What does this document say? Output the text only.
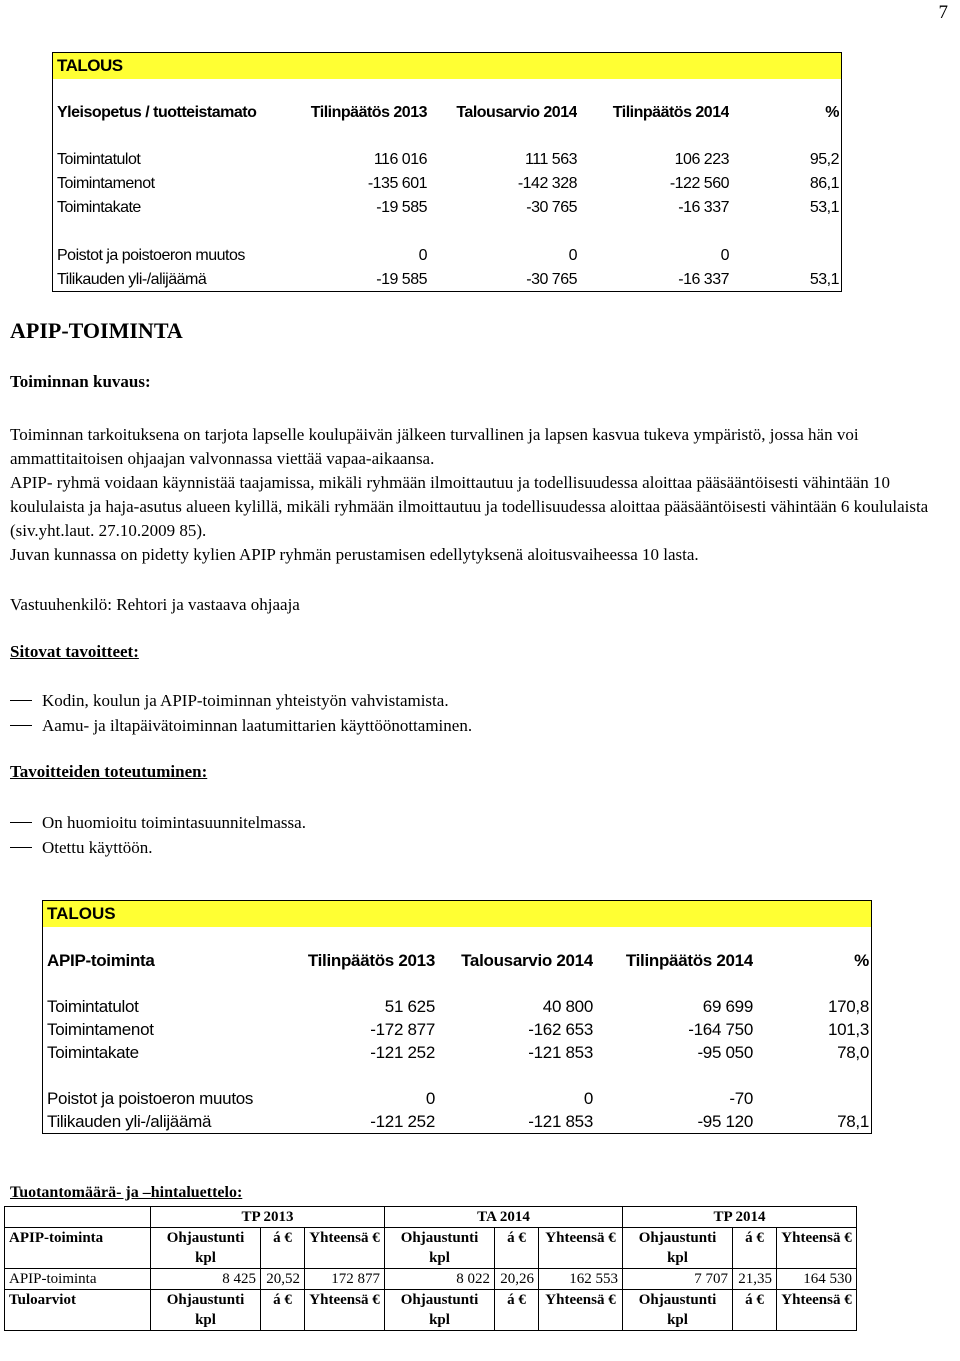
7
TALOUS
Yleisopetus / tuotteistamato	Tilinpäätös 2013	Talousarvio 2014	Tilinpäätös 2014	%
Toimintatulot	116 016	111 563	106 223	95,2
Toimintamenot	-135 601	-142 328	-122 560	86,1
Toimintakate	-19 585	-30 765	-16 337	53,1
Poistot ja poistoeron muutos	0	0	0	
Tilikauden yli-/alijäämä	-19 585	-30 765	-16 337	53,1
APIP-TOIMINTA
Toiminnan kuvaus:

Toiminnan tarkoituksena on tarjota lapselle koulupäivän jälkeen turvallinen ja lapsen kasvua tukeva ympäristö, jossa hän voi ammattitaitoisen ohjaajan valvonnassa viettää vapaa-aikaansa.

APIP- ryhmä voidaan käynnistää taajamissa, mikäli ryhmään ilmoittautuu ja todellisuudessa aloittaa pääsääntöisesti vähintään 10 koululaista ja haja-asutus alueen kylillä, mikäli ryhmään ilmoittautuu ja todellisuudessa aloittaa pääsääntöisesti vähintään 6 koululaista (siv.yht.laut. 27.10.2009 85).

Juvan kunnassa on pidetty kylien APIP ryhmän perustamisen edellytyksenä aloitusvaiheessa 10 lasta.

Vastuuhenkilö: Rehtori ja vastaava ohjaaja
Sitovat tavoitteet:
Kodin, koulun ja APIP-toiminnan yhteistyön vahvistamista.
Aamu- ja iltapäivätoiminnan laatumittarien käyttöönottaminen.
Tavoitteiden toteutuminen:
On huomioitu toimintasuunnitelmassa.
Otettu käyttöön.
TALOUS
APIP-toiminta	Tilinpäätös 2013	Talousarvio 2014	Tilinpäätös 2014	%
Toimintatulot	51 625	40 800	69 699	170,8
Toimintamenot	-172 877	-162 653	-164 750	101,3
Toimintakate	-121 252	-121 853	-95 050	78,0
Poistot ja poistoeron muutos	0	0	-70	
Tilikauden yli-/alijäämä	-121 252	-121 853	-95 120	78,1
Tuotantomäärä- ja –hintaluettelo:
	TP 2013			TA 2014			TP 2014		
APIP-toiminta	Ohjaustunti kpl	á €	Yhteensä €	Ohjaustunti kpl	á €	Yhteensä €	Ohjaustunti kpl	á €	Yhteensä €
APIP-toiminta	8 425	20,52	172 877	8 022	20,26	162 553	7 707	21,35	164 530
Tuloarviot	Ohjaustunti kpl	á €	Yhteensä €	Ohjaustunti kpl	á €	Yhteensä €	Ohjaustunti kpl	á €	Yhteensä €
